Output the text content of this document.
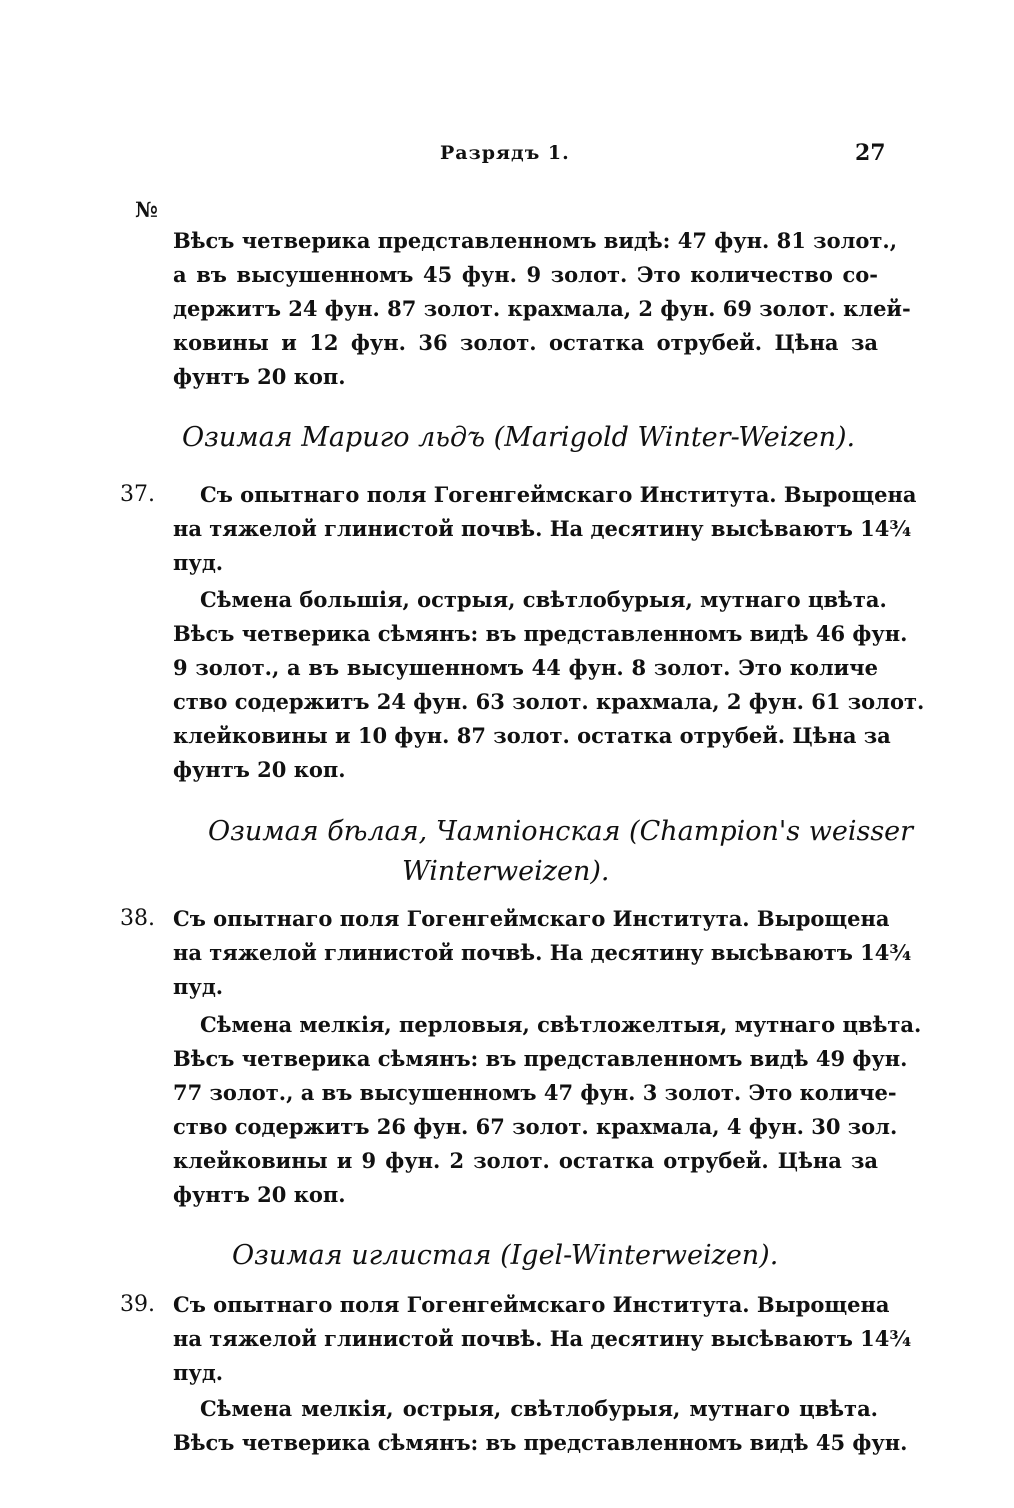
Разрядъ 1.	27
№
Вѣсъ четверика представленномъ видѣ: 47 фун. 81 золот.,
а въ высушенномъ 45 фун. 9 золот. Это количество со-
держитъ 24 фун. 87 золот. крахмала, 2 фун. 69 золот. клей-
ковины и 12 фун. 36 золот. остатка отрубей. Цѣна за
фунтъ 20 коп.
Озимая Мариго льдъ (Marigold Winter-Weizen).
37. Съ опытнаго поля Гогенгеймскаго Института. Вырощена
на тяжелой глинистой почвѣ. На десятину высѣваютъ 14¾
пуд.
Сѣмена большія, острыя, свѣтлобурыя, мутнаго цвѣта.
Вѣсъ четверика сѣмянъ: въ представленномъ видѣ 46 фун.
9 золот., а въ высушенномъ 44 фун. 8 золот. Это количе
ство содержитъ 24 фун. 63 золот. крахмала, 2 фун. 61 золот.
клейковины и 10 фун. 87 золот. остатка отрубей. Цѣна за
фунтъ 20 коп.
Озимая бѣлая, Чампіонская (Champion's weisser
Winterweizen).
38. Съ опытнаго поля Гогенгеймскаго Института. Вырощена
на тяжелой глинистой почвѣ. На десятину высѣваютъ 14¾
пуд.
Сѣмена мелкія, перловыя, свѣтложелтыя, мутнаго цвѣта.
Вѣсъ четверика сѣмянъ: въ представленномъ видѣ 49 фун.
77 золот., а въ высушенномъ 47 фун. 3 золот. Это количе-
ство содержитъ 26 фун. 67 золот. крахмала, 4 фун. 30 зол.
клейковины и 9 фун. 2 золот. остатка отрубей. Цѣна за
фунтъ 20 коп.
Озимая иглистая (Igel-Winterweizen).
39. Съ опытнаго поля Гогенгеймскаго Института. Вырощена
на тяжелой глинистой почвѣ. На десятину высѣваютъ 14¾
пуд.
Сѣмена мелкія, острыя, свѣтлобурыя, мутнаго цвѣта.
Вѣсъ четверика сѣмянъ: въ представленномъ видѣ 45 фун.
